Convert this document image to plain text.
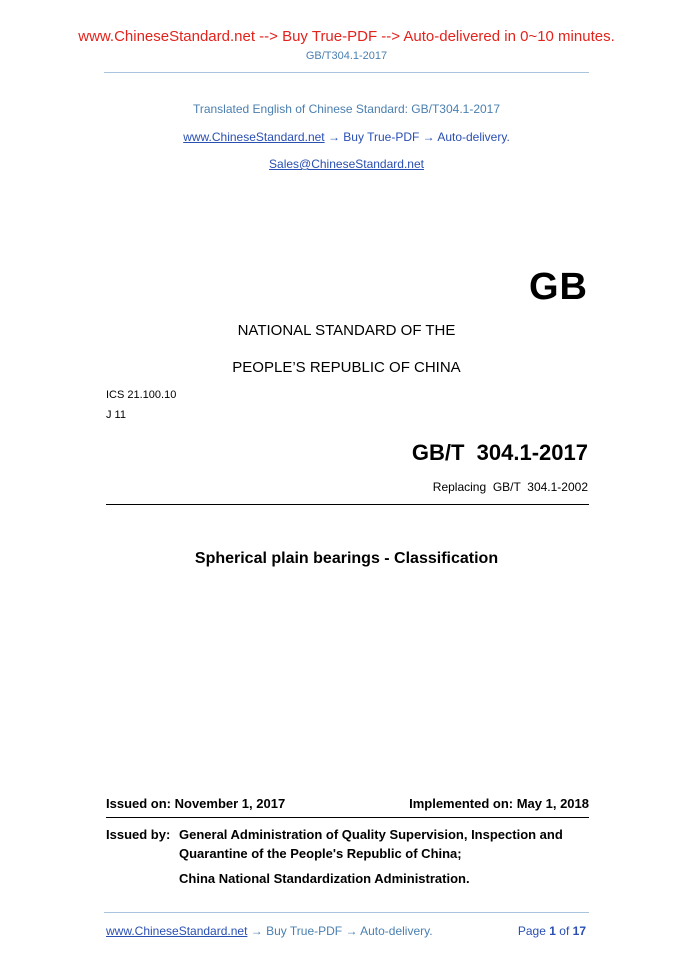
www.ChineseStandard.net --> Buy True-PDF --> Auto-delivered in 0~10 minutes.
GB/T304.1-2017
Translated English of Chinese Standard: GB/T304.1-2017
www.ChineseStandard.net → Buy True-PDF → Auto-delivery.
Sales@ChineseStandard.net
GB
NATIONAL STANDARD OF THE
PEOPLE’S REPUBLIC OF CHINA
ICS 21.100.10
J 11
GB/T  304.1-2017
Replacing  GB/T  304.1-2002
Spherical plain bearings - Classification
Issued on: November 1, 2017	Implemented on: May 1, 2018
Issued by: General Administration of Quality Supervision, Inspection and Quarantine of the People's Republic of China;
China National Standardization Administration.
www.ChineseStandard.net → Buy True-PDF → Auto-delivery.	Page 1 of 17
